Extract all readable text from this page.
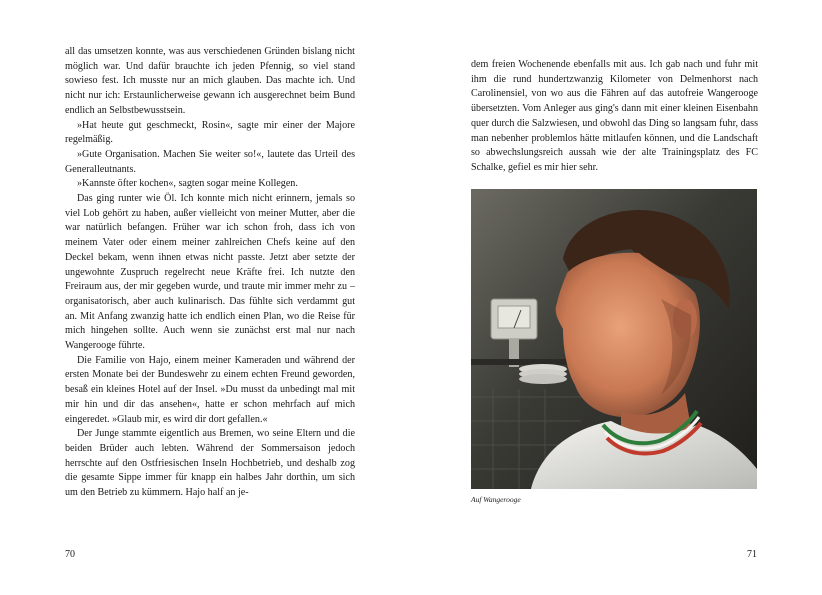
all das umsetzen konnte, was aus verschiedenen Gründen bislang nicht möglich war. Und dafür brauchte ich jeden Pfennig, so viel stand sowieso fest. Ich musste nur an mich glauben. Das machte ich. Und nicht nur ich: Erstaunlicherweise gewann ich ausgerechnet beim Bund endlich an Selbstbewusstsein.

»Hat heute gut geschmeckt, Rosin«, sagte mir einer der Majore regelmäßig.

»Gute Organisation. Machen Sie weiter so!«, lautete das Urteil des Generalleutnants.

»Kannste öfter kochen«, sagten sogar meine Kollegen.

Das ging runter wie Öl. Ich konnte mich nicht erinnern, jemals so viel Lob gehört zu haben, außer vielleicht von meiner Mutter, aber die war natürlich befangen. Früher war ich schon froh, dass ich von meinem Vater oder einem meiner zahlreichen Chefs keine auf den Deckel bekam, wenn ihnen etwas nicht passte. Jetzt aber setzte der ungewohnte Zuspruch regelrecht neue Kräfte frei. Ich nutzte den Freiraum aus, der mir gegeben wurde, und traute mir immer mehr zu – organisatorisch, aber auch kulinarisch. Das fühlte sich verdammt gut an. Mit Anfang zwanzig hatte ich endlich einen Plan, wo die Reise für mich hingehen sollte. Auch wenn sie zunächst erst mal nur nach Wangerooge führte.

Die Familie von Hajo, einem meiner Kameraden und während der ersten Monate bei der Bundeswehr zu einem echten Freund geworden, besaß ein kleines Hotel auf der Insel. »Du musst da unbedingt mal mit mir hin und dir das ansehen«, hatte er schon mehrfach auf mich eingeredet. »Glaub mir, es wird dir dort gefallen.«

Der Junge stammte eigentlich aus Bremen, wo seine Eltern und die beiden Brüder auch lebten. Während der Sommersaison jedoch herrschte auf den Ostfriesischen Inseln Hochbetrieb, und deshalb zog die gesamte Sippe immer für knapp ein halbes Jahr dorthin, um sich um den Betrieb zu kümmern. Hajo half an je-

70

dem freien Wochenende ebenfalls mit aus. Ich gab nach und fuhr mit ihm die rund hundertzwanzig Kilometer von Delmenhorst nach Carolinensiel, von wo aus die Fähren auf das autofreie Wangerooge übersetzten. Vom Anleger aus ging's dann mit einer kleinen Eisenbahn quer durch die Salzwiesen, und obwohl das Ding so langsam fuhr, dass man nebenher problemlos hätte mitlaufen können, und die Landschaft so abwechslungsreich aussah wie der alte Trainingsplatz des FC Schalke, gefiel es mir hier sehr.

Auf Wangerooge
71
